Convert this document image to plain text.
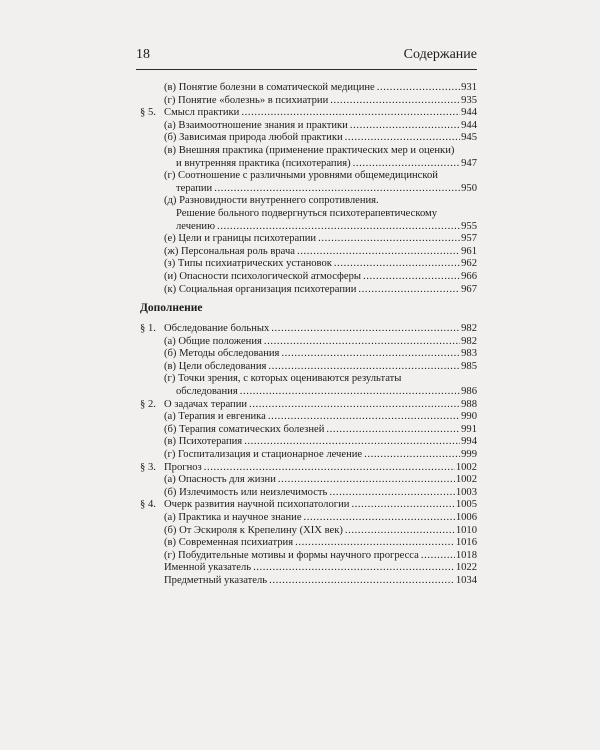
18	Содержание
(в) Понятие болезни в соматической медицине .....	931
(г) Понятие «болезнь» в психиатрии .....	935
§ 5. Смысл практики .....	944
(а) Взаимоотношение знания и практики .....	944
(б) Зависимая природа любой практики .....	945
(в) Внешняя практика (применение практических мер и оценки)
и внутренняя практика (психотерапия) .....	947
(г) Соотношение с различными уровнями общемедицинской
терапии .....	950
(д) Разновидности внутреннего сопротивления.
Решение больного подвергнуться психотерапевтическому
лечению .....	955
(е) Цели и границы психотерапии .....	957
(ж) Персональная роль врача .....	961
(з) Типы психиатрических установок .....	962
(и) Опасности психологической атмосферы .....	966
(к) Социальная организация психотерапии .....	967
Дополнение
§ 1. Обследование больных .....	982
(а) Общие положения .....	982
(б) Методы обследования .....	983
(в) Цели обследования .....	985
(г) Точки зрения, с которых оцениваются результаты
обследования .....	986
§ 2. О задачах терапии .....	988
(а) Терапия и евгеника .....	990
(б) Терапия соматических болезней .....	991
(в) Психотерапия .....	994
(г) Госпитализация и стационарное лечение .....	999
§ 3. Прогноз .....	1002
(а) Опасность для жизни .....	1002
(б) Излечимость или неизлечимость .....	1003
§ 4. Очерк развития научной психопатологии .....	1005
(а) Практика и научное знание .....	1006
(б) От Эскироля к Крепелину (XIX век) .....	1010
(в) Современная психиатрия .....	1016
(г) Побудительные мотивы и формы научного прогресса .....	1018
Именной указатель .....	1022
Предметный указатель .....	1034
